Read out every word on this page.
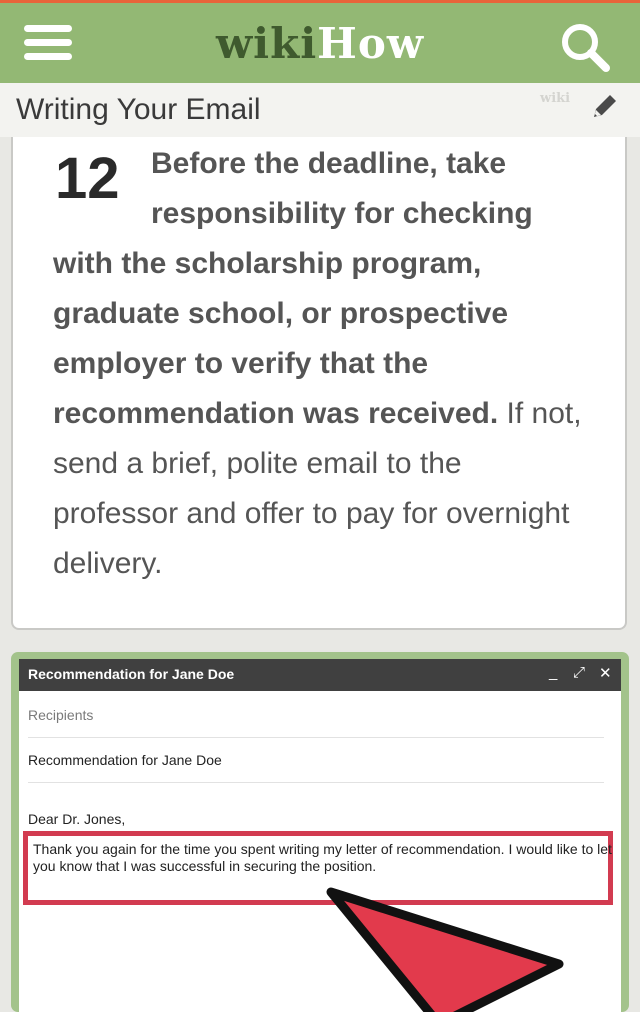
wikiHow
Writing Your Email	wiki
12	Before the deadline, take responsibility for checking with the scholarship program, graduate school, or prospective employer to verify that the recommendation was received. If not, send a brief, polite email to the professor and offer to pay for overnight delivery.
Recommendation for Jane Doe	_ ⤢ ✕
Recipients
Recommendation for Jane Doe
Dear Dr. Jones,
Thank you again for the time you spent writing my letter of recommendation. I would like to let you know that I was successful in securing the position.
